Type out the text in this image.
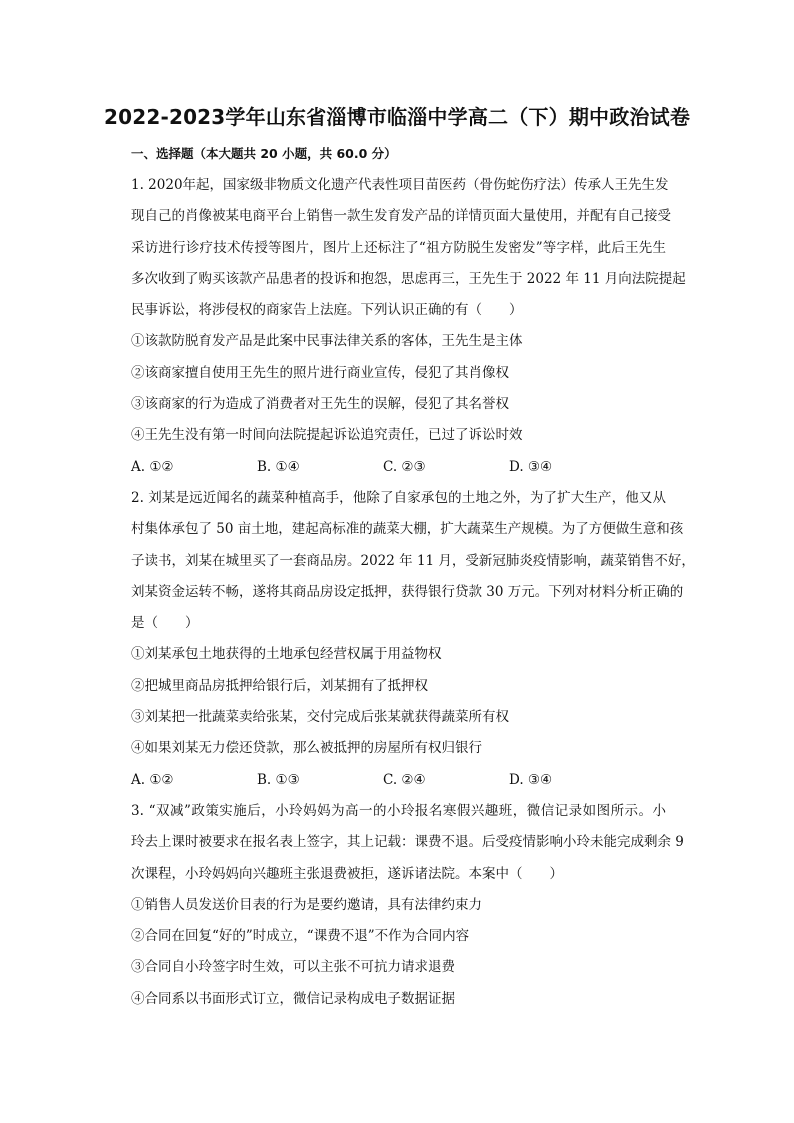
2022-2023学年山东省淄博市临淄中学高二（下）期中政治试卷
一、选择题（本大题共 20 小题，共 60.0 分）
1. 2020年起，国家级非物质文化遗产代表性项目苗医药（骨伤蛇伤疗法）传承人王先生发
现自己的肖像被某电商平台上销售一款生发育发产品的详情页面大量使用，并配有自己接受
采访进行诊疗技术传授等图片，图片上还标注了“祖方防脱生发密发”等字样，此后王先生
多次收到了购买该款产品患者的投诉和抱怨，思虑再三，王先生于 2022 年 11 月向法院提起
民事诉讼，将涉侵权的商家告上法庭。下列认识正确的有（　　）
①该款防脱育发产品是此案中民事法律关系的客体，王先生是主体
②该商家擅自使用王先生的照片进行商业宣传，侵犯了其肖像权
③该商家的行为造成了消费者对王先生的误解，侵犯了其名誉权
④王先生没有第一时间向法院提起诉讼追究责任，已过了诉讼时效
A. ①②	B. ①④	C. ②③	D. ③④
2. 刘某是远近闻名的蔬菜种植高手，他除了自家承包的土地之外，为了扩大生产，他又从
村集体承包了 50 亩土地，建起高标准的蔬菜大棚，扩大蔬菜生产规模。为了方便做生意和孩
子读书，刘某在城里买了一套商品房。2022 年 11 月，受新冠肺炎疫情影响，蔬菜销售不好，
刘某资金运转不畅，遂将其商品房设定抵押，获得银行贷款 30 万元。下列对材料分析正确的
是（　　）
①刘某承包土地获得的土地承包经营权属于用益物权
②把城里商品房抵押给银行后，刘某拥有了抵押权
③刘某把一批蔬菜卖给张某，交付完成后张某就获得蔬菜所有权
④如果刘某无力偿还贷款，那么被抵押的房屋所有权归银行
A. ①②	B. ①③	C. ②④	D. ③④
3. “双减”政策实施后，小玲妈妈为高一的小玲报名寒假兴趣班，微信记录如图所示。小
玲去上课时被要求在报名表上签字，其上记载：课费不退。后受疫情影响小玲未能完成剩余 9
次课程，小玲妈妈向兴趣班主张退费被拒，遂诉诸法院。本案中（　　）
①销售人员发送价目表的行为是要约邀请，具有法律约束力
②合同在回复“好的”时成立，“课费不退”不作为合同内容
③合同自小玲签字时生效，可以主张不可抗力请求退费
④合同系以书面形式订立，微信记录构成电子数据证据
